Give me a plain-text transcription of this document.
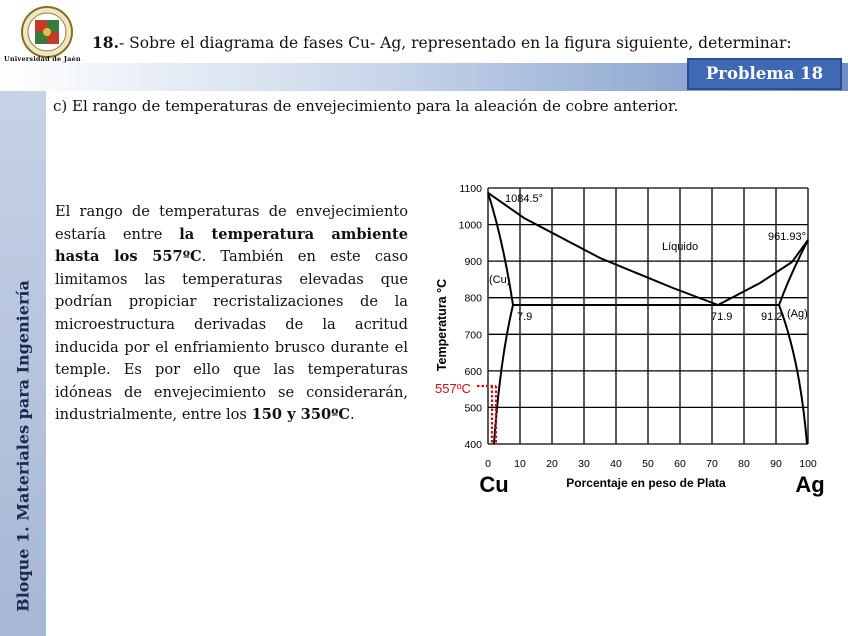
Universidad de Jaén
18.- Sobre el diagrama de fases Cu- Ag, representado en la figura siguiente, determinar:
Problema 18
Bloque 1. Materiales para Ingeniería
c) El rango de temperaturas de envejecimiento para la aleación de cobre anterior.
El rango de temperaturas de envejecimiento estaría entre la temperatura ambiente hasta los 557ºC. También en este caso limitamos las temperaturas elevadas que podrían propiciar recristalizaciones de la microestructura derivadas de la acritud inducida por el enfriamiento brusco durante el temple. Es por ello que las temperaturas idóneas de envejecimiento se considerarán, industrialmente, entre los 150 y 350ºC.
1100
1000
900
800
700
600
500
400
0 10 20 30 40 50 60 70 80 90 100
Temperatura °C
Porcentaje en peso de Plata
Cu	Ag
1084.5°
961.93°
Líquido
(Cu)
(Ag)
7.9	71.9	91.2
557ºC
